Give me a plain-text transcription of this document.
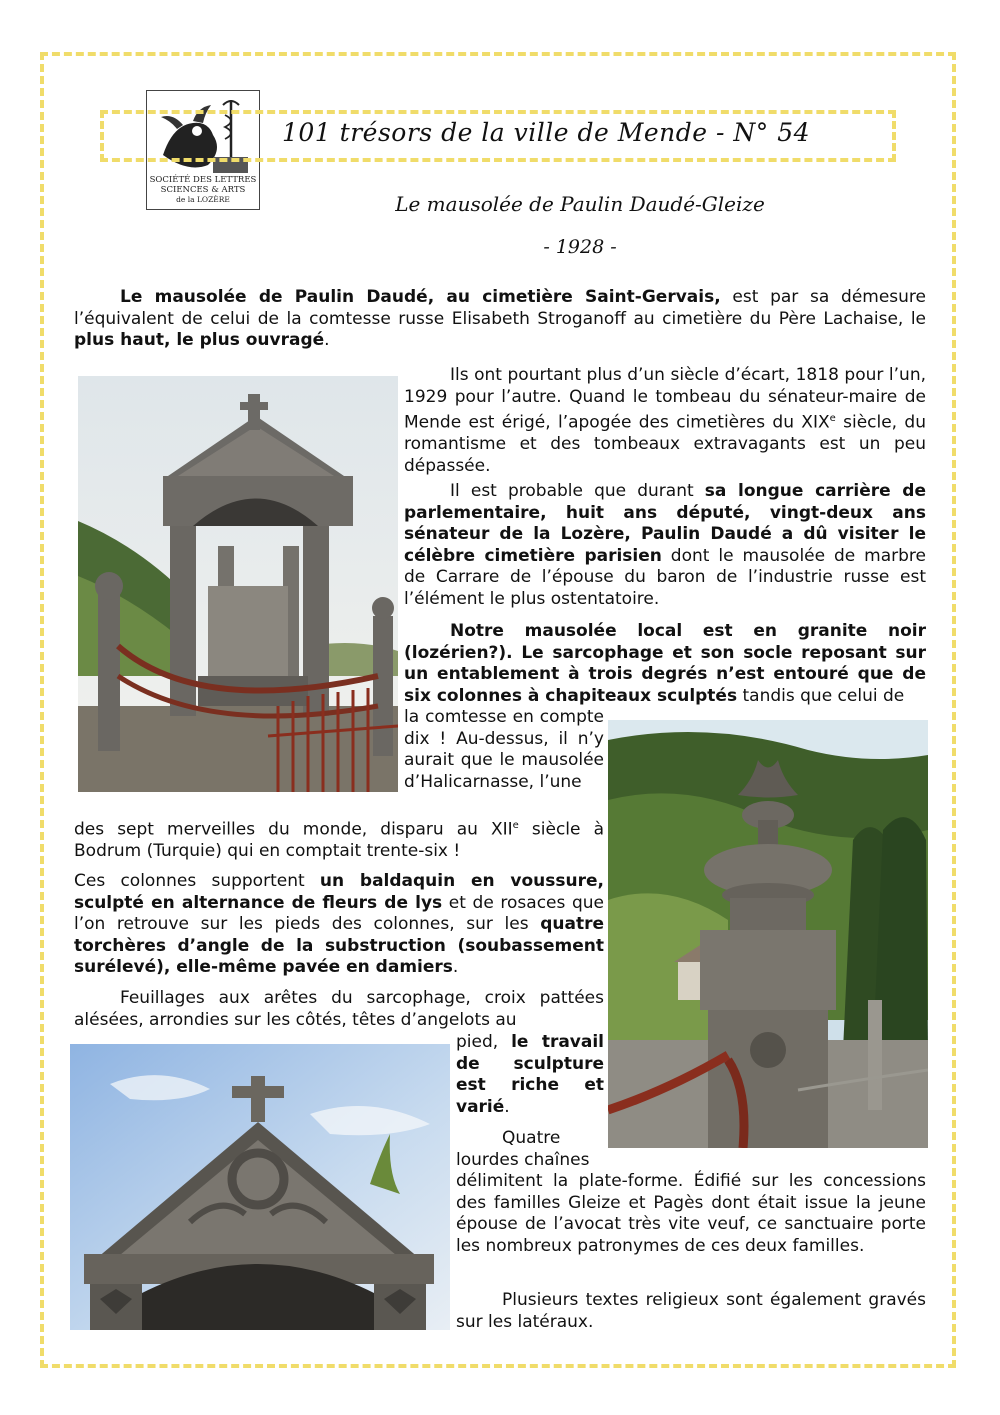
SOCIÉTÉ DES LETTRES
SCIENCES & ARTS
de la LOZÈRE
101 trésors de la ville de Mende - N° 54
Le mausolée de Paulin Daudé-Gleize
- 1928 -

Le mausolée de Paulin Daudé, au cimetière Saint-Gervais, est par sa démesure l’équivalent de celui de la comtesse russe Elisabeth Stroganoff au cimetière du Père Lachaise, le plus haut, le plus ouvragé.

Ils ont pourtant plus d’un siècle d’écart, 1818 pour l’un, 1929 pour l’autre. Quand le tombeau du sénateur-maire de Mende est érigé, l’apogée des cimetières du XIXe siècle, du romantisme et des tombeaux extravagants est un peu dépassée.

Il est probable que durant sa longue carrière de parlementaire, huit ans député, vingt-deux ans sénateur de la Lozère, Paulin Daudé a dû visiter le célèbre cimetière parisien dont le mausolée de marbre de Carrare de l’épouse du baron de l’industrie russe est l’élément le plus ostentatoire.

Notre mausolée local est en granite noir (lozérien?). Le sarcophage et son socle reposant sur un entablement à trois degrés n’est entouré que de six colonnes à chapiteaux sculptés tandis que celui de

la comtesse en compte dix ! Au-dessus, il n’y aurait que le mausolée d’Halicarnasse, l’une

des sept merveilles du monde, disparu au XIIe siècle à Bodrum (Turquie) qui en comptait trente-six !

Ces colonnes supportent un baldaquin en voussure, sculpté en alternance de fleurs de lys et de rosaces que l’on retrouve sur les pieds des colonnes, sur les quatre torchères d’angle de la substruction (soubassement surélevé), elle-même pavée en damiers.

Feuillages aux arêtes du sarcophage, croix pattées alésées, arrondies sur les côtés, têtes d’angelots au

pied, le travail de sculpture est riche et varié.

Quatre lourdes chaînes

délimitent la plate-forme. Édifié sur les concessions des familles Gleize et Pagès dont était issue la jeune épouse de l’avocat très vite veuf, ce sanctuaire porte les nombreux patronymes de ces deux familles.

Plusieurs textes religieux sont également gravés sur les latéraux.
